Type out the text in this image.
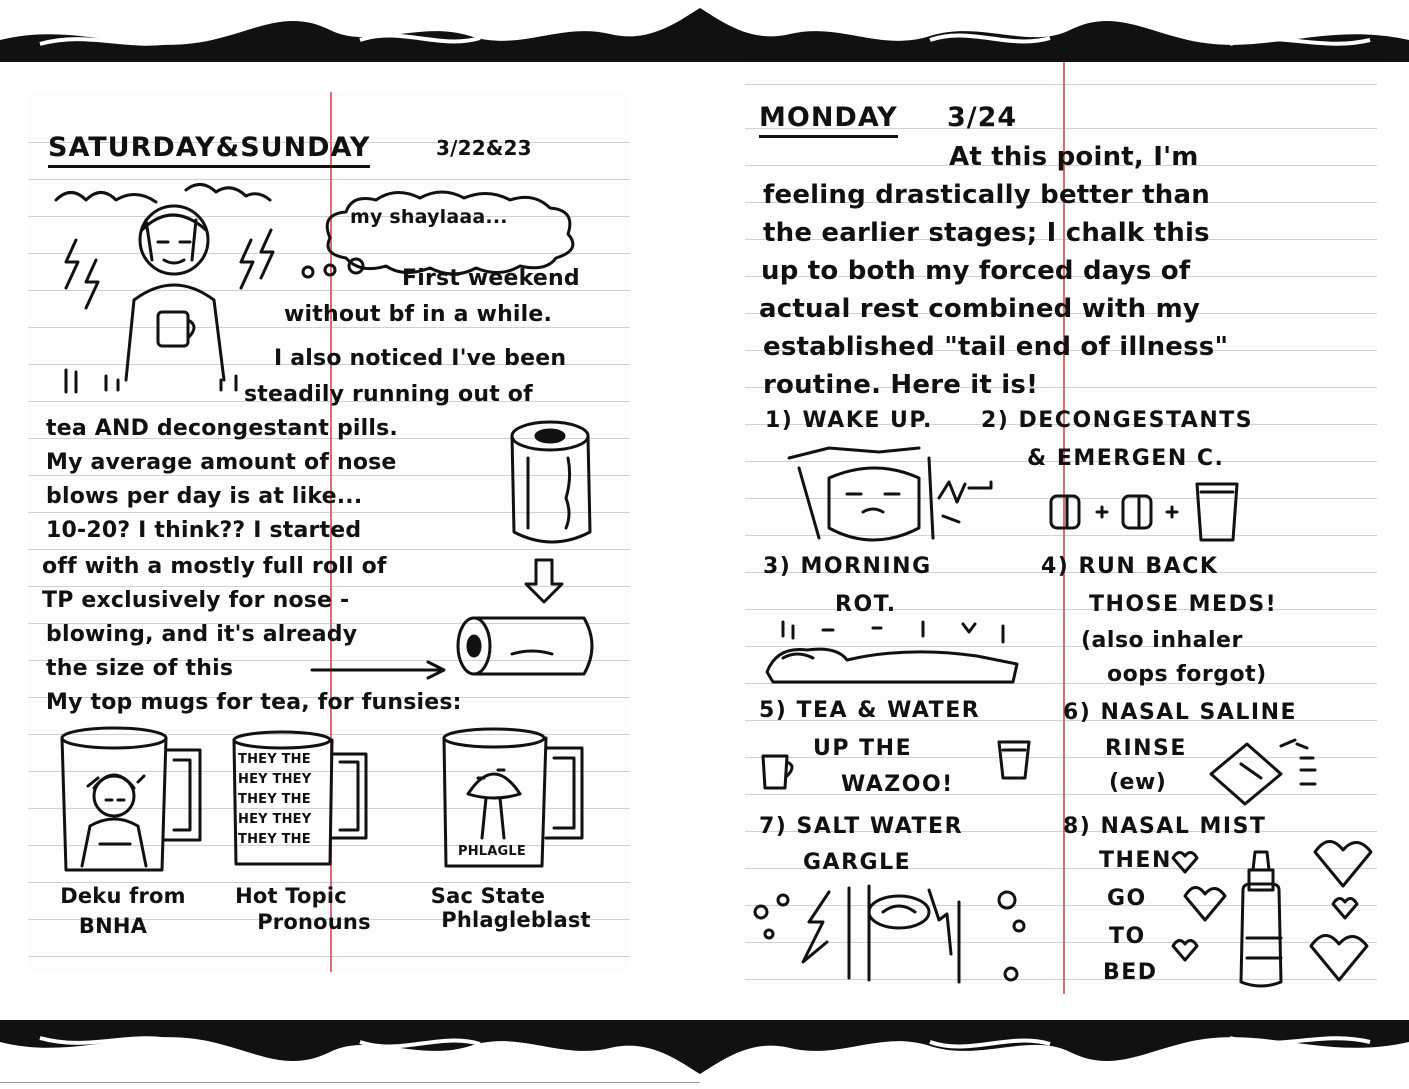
SATURDAY&SUNDAY	3/22&23
my shaylaaa...
First weekend
without bf in a while.
I also noticed I've been
steadily running out of
tea AND decongestant pills.
My average amount of nose
blows per day is at like...
10-20? I think?? I started
off with a mostly full roll of
TP exclusively for nose -
blowing, and it's already
the size of this
My top mugs for tea, for funsies:
THEY THE
HEY THEY
THEY THE
HEY THEY
THEY THE
PHLAGLE
Deku from
BNHA
Hot Topic
Pronouns
Sac State
Phlagleblast
MONDAY 3/24
At this point, I'm
feeling drastically better than
the earlier stages; I chalk this
up to both my forced days of
actual rest combined with my
established "tail end of illness"
routine. Here it is!
1) WAKE UP. 2) DECONGESTANTS
& EMERGEN C.
3) MORNING
ROT.
4) RUN BACK
THOSE MEDS!
(also inhaler
oops forgot)
5) TEA & WATER
UP THE
WAZOO!
6) NASAL SALINE
RINSE
(ew)
7) SALT WATER
GARGLE
8) NASAL MIST
THEN
GO
TO
BED
